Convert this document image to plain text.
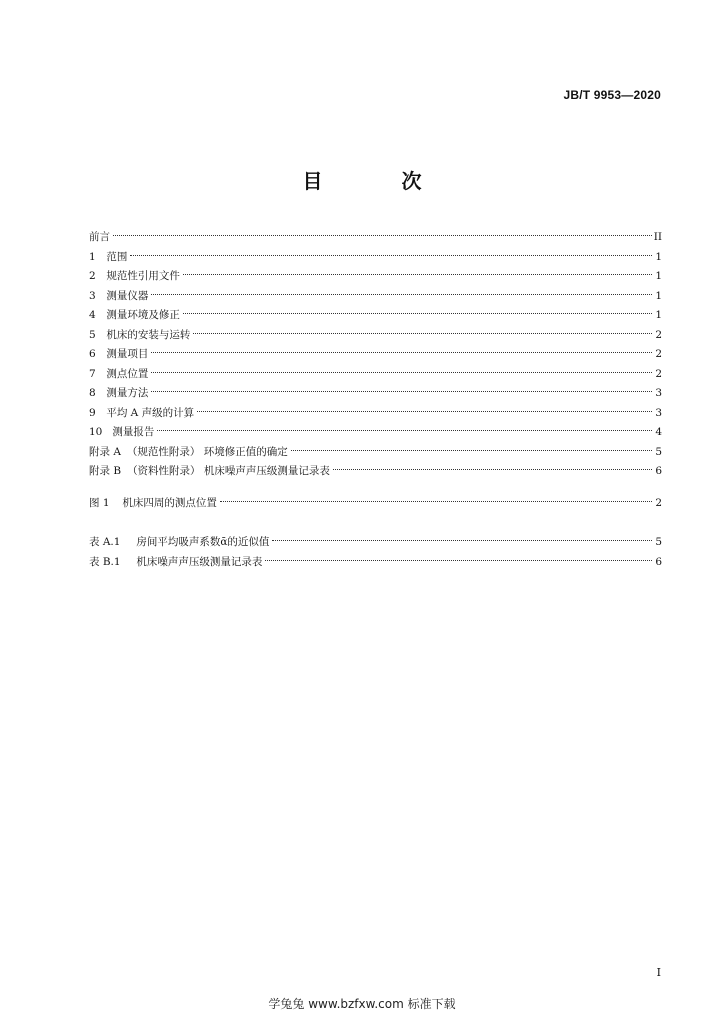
JB/T 9953—2020
目 次
前言	II
1 范围	1
2 规范性引用文件	1
3 测量仪器	1
4 测量环境及修正	1
5 机床的安装与运转	2
6 测量项目	2
7 测点位置	2
8 测量方法	3
9 平均 A 声级的计算	3
10 测量报告	4
附录 A （规范性附录） 环境修正值的确定	5
附录 B （资料性附录） 机床噪声声压级测量记录表	6
图 1 机床四周的测点位置	2
表 A.1 房间平均吸声系数ᾱ的近似值	5
表 B.1 机床噪声声压级测量记录表	6
I
学兔兔 www.bzfxw.com 标准下载
